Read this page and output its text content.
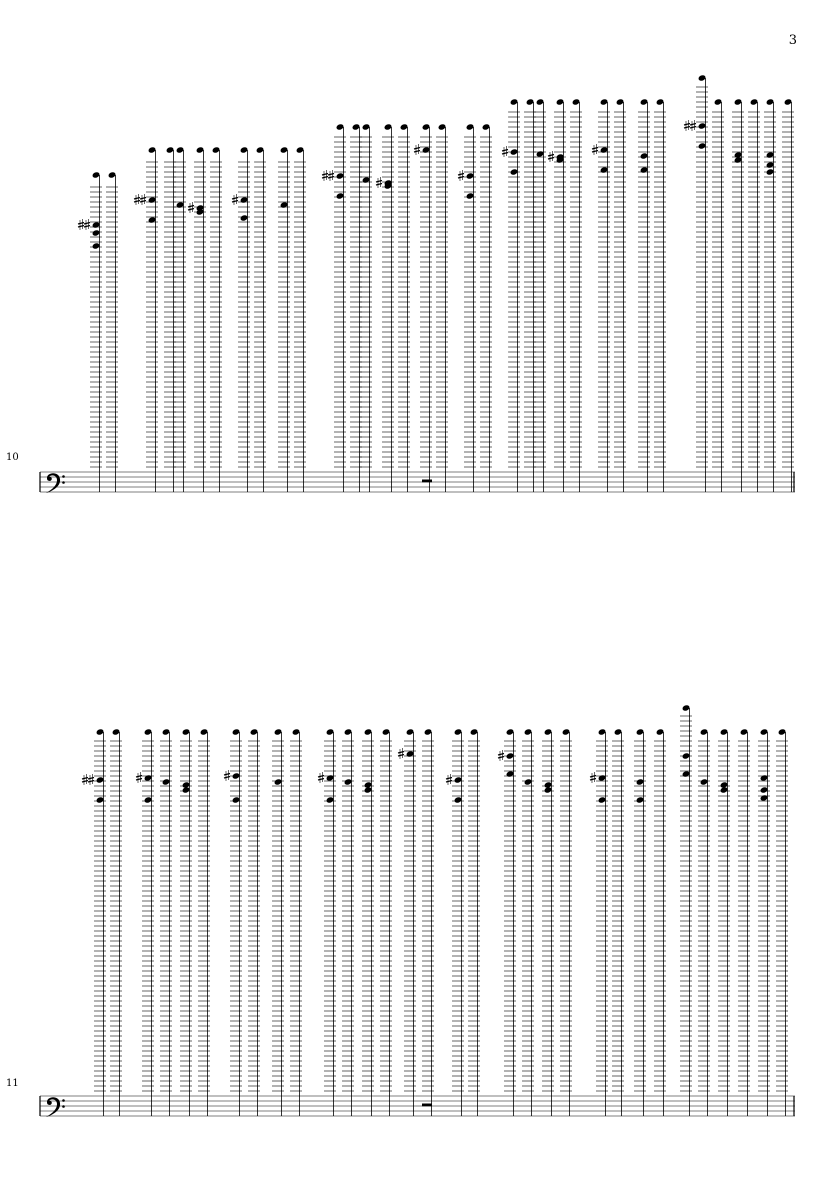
3
10
11
